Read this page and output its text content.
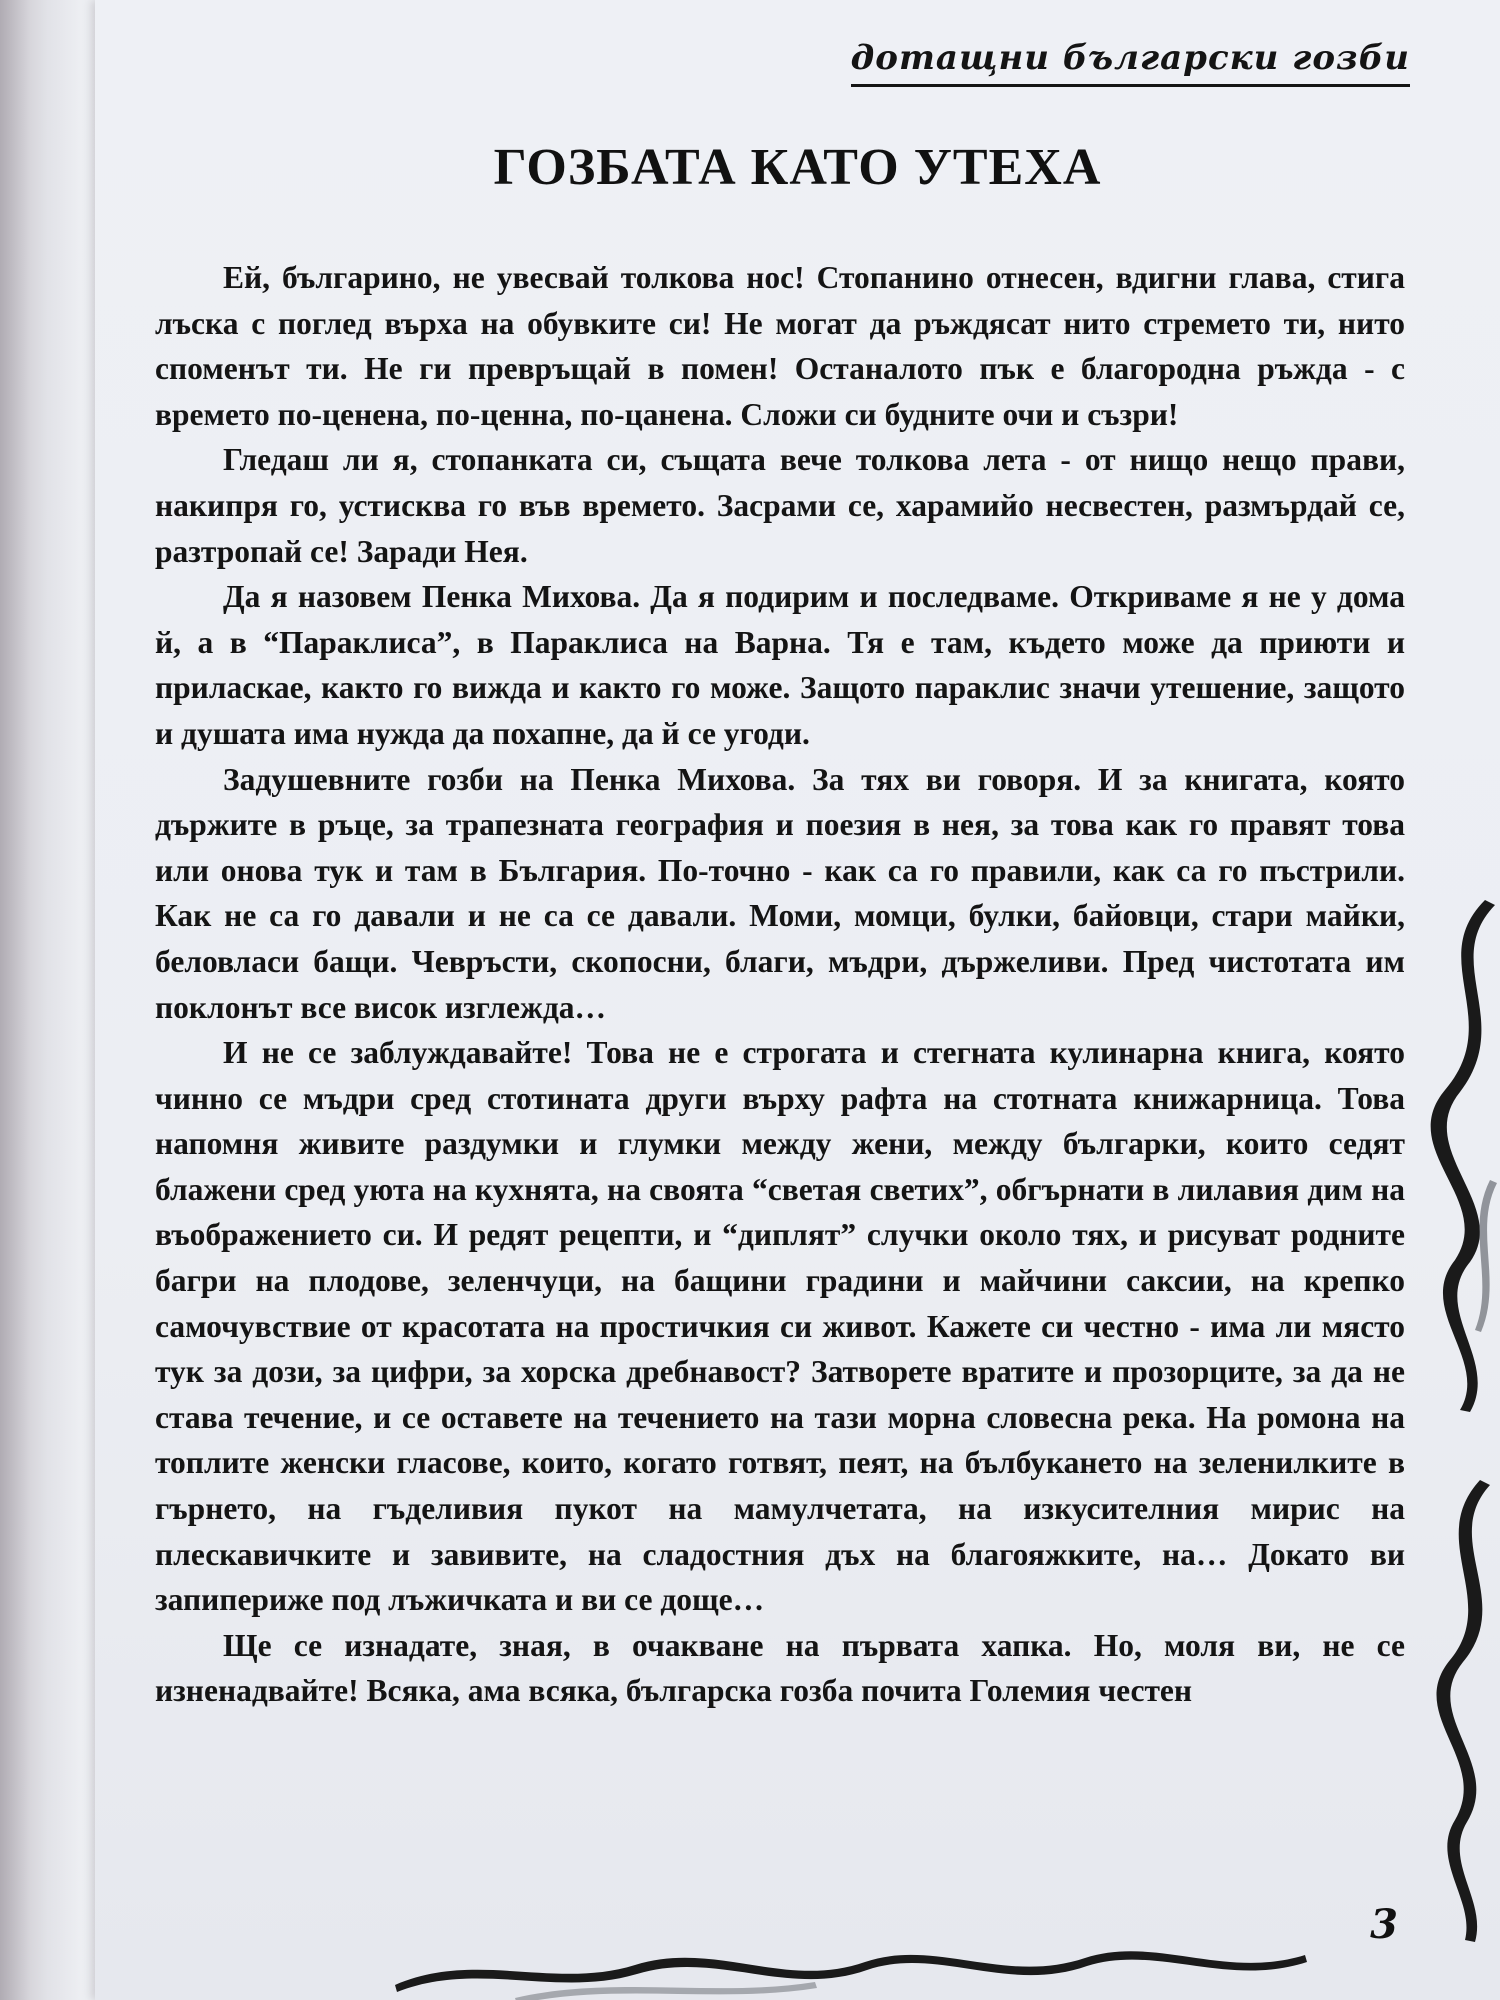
дотащни български гозби
ГОЗБАТА КАТО УТЕХА

Ей, българино, не увесвай толкова нос! Стопанино отнесен, вдигни глава, стига лъска с поглед върха на обувките си! Не могат да ръждясат нито стремето ти, нито споменът ти. Не ги превръщай в помен! Останалото пък е благородна ръжда - с времето по-ценена, по-ценна, по-цанена. Сложи си будните очи и съзри!

Гледаш ли я, стопанката си, същата вече толкова лета - от нищо нещо прави, накипря го, устисква го във времето. Засрами се, харамийо несвестен, размърдай се, разтропай се! Заради Нея.

Да я назовем Пенка Михова. Да я подирим и последваме. Откриваме я не у дома й, а в “Параклиса”, в Параклиса на Варна. Тя е там, където може да приюти и приласкае, както го вижда и както го може. Защото параклис значи утешение, защото и душата има нужда да похапне, да й се угоди.

Задушевните гозби на Пенка Михова. За тях ви говоря. И за книгата, която държите в ръце, за трапезната география и поезия в нея, за това как го правят това или онова тук и там в България. По-точно - как са го правили, как са го пъстрили. Как не са го давали и не са се давали. Моми, момци, булки, байовци, стари майки, беловласи бащи. Чевръсти, скопосни, благи, мъдри, държеливи. Пред чистотата им поклонът все висок изглежда…

И не се заблуждавайте! Това не е строгата и стегната кулинарна книга, която чинно се мъдри сред стотината други върху рафта на стотната книжарница. Това напомня живите раздумки и глумки между жени, между българки, които седят блажени сред уюта на кухнята, на своята “светая светих”, обгърнати в лилавия дим на въображението си. И редят рецепти, и “диплят” случки около тях, и рисуват родните багри на плодове, зеленчуци, на бащини градини и майчини саксии, на крепко самочувствие от красотата на простичкия си живот. Кажете си честно - има ли място тук за дози, за цифри, за хорска дребнавост? Затворете вратите и прозорците, за да не става течение, и се оставете на течението на тази морна словесна река. На ромона на топлите женски гласове, които, когато готвят, пеят, на бълбукането на зеленилките в гърнето, на гъделивия пукот на мамулчетата, на изкусителния мирис на плескавичките и завивите, на сладостния дъх на благояжките, на… Докато ви запипериже под лъжичката и ви се доще…

Ще се изнадате, зная, в очакване на първата хапка. Но, моля ви, не се изненадвайте! Всяка, ама всяка, българска гозба почита Големия честен

3
